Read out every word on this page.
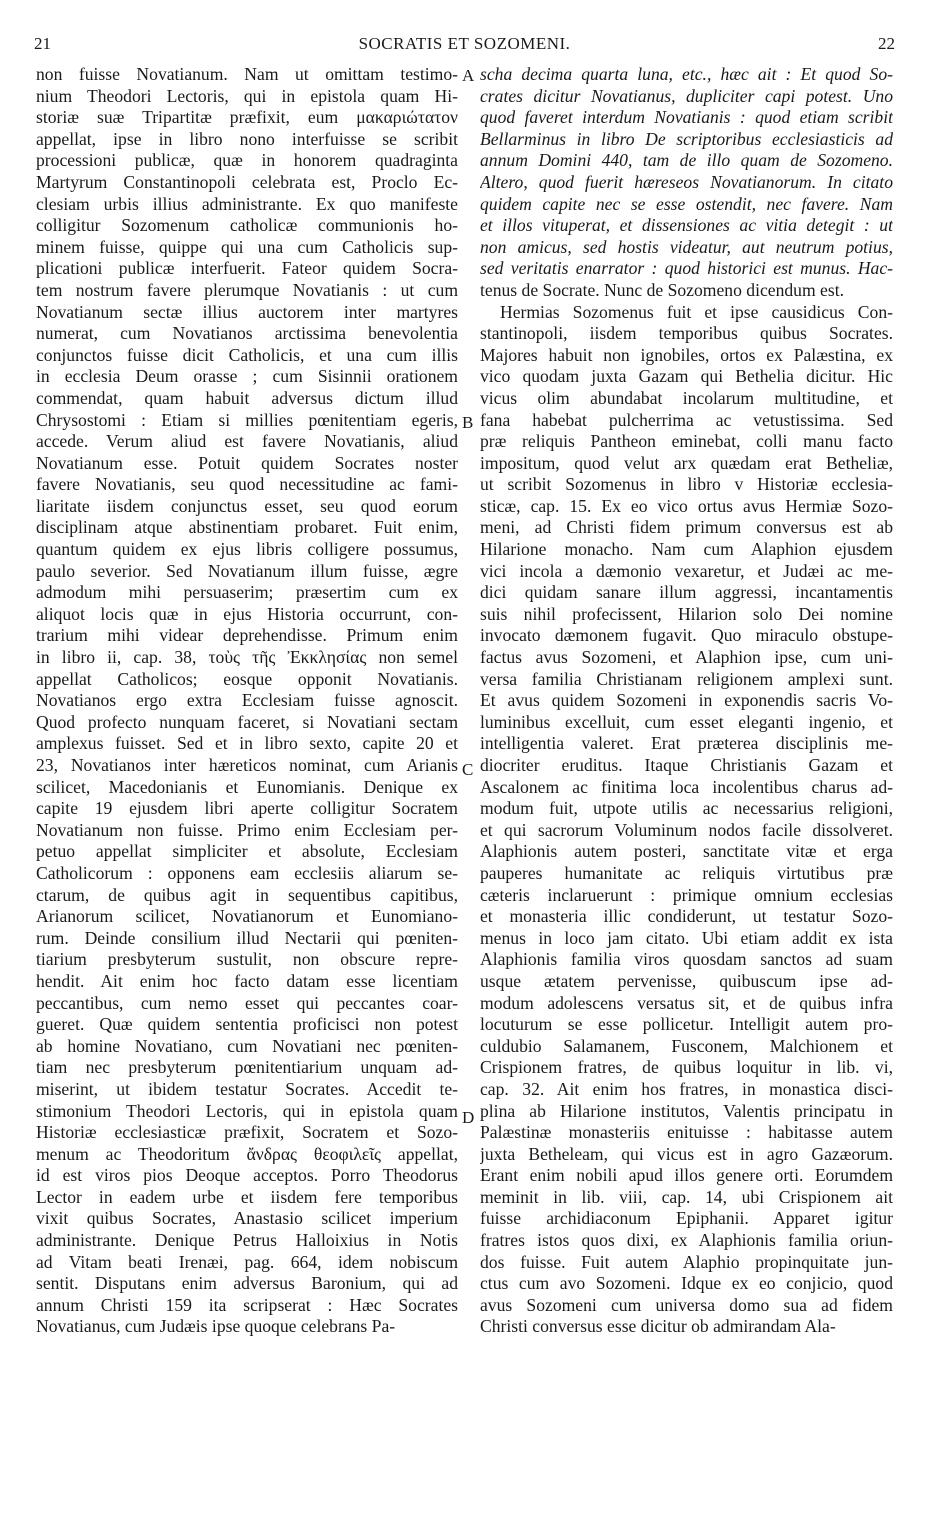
21	SOCRATIS ET SOZOMENI.	22
non fuisse Novatianum. Nam ut omittam testimo-
nium Theodori Lectoris, qui in epistola quam Hi-
storiæ suæ Tripartitæ præfixit, eum μακαριώτατον
appellat, ipse in libro nono interfuisse se scribit
processioni publicæ, quæ in honorem quadraginta
Martyrum Constantinopoli celebrata est, Proclo Ec-
clesiam urbis illius administrante. Ex quo manifeste
colligitur Sozomenum catholicæ communionis ho-
minem fuisse, quippe qui una cum Catholicis sup-
plicationi publicæ interfuerit. Fateor quidem Socra-
tem nostrum favere plerumque Novatianis : ut cum
Novatianum sectæ illius auctorem inter martyres
numerat, cum Novatianos arctissima benevolentia
conjunctos fuisse dicit Catholicis, et una cum illis
in ecclesia Deum orasse ; cum Sisinnii orationem
commendat, quam habuit adversus dictum illud
Chrysostomi : Etiam si millies pœnitentiam egeris,
accede. Verum aliud est favere Novatianis, aliud
Novatianum esse. Potuit quidem Socrates noster
favere Novatianis, seu quod necessitudine ac fami-
liaritate iisdem conjunctus esset, seu quod eorum
disciplinam atque abstinentiam probaret. Fuit enim,
quantum quidem ex ejus libris colligere possumus,
paulo severior. Sed Novatianum illum fuisse, ægre
admodum mihi persuaserim; præsertim cum ex
aliquot locis quæ in ejus Historia occurrunt, con-
trarium mihi videar deprehendisse. Primum enim
in libro ii, cap. 38, τοὺς τῆς Ἐκκλησίας non semel
appellat Catholicos; eosque opponit Novatianis.
Novatianos ergo extra Ecclesiam fuisse agnoscit.
Quod profecto nunquam faceret, si Novatiani sectam
amplexus fuisset. Sed et in libro sexto, capite 20 et
23, Novatianos inter hæreticos nominat, cum Arianis
scilicet, Macedonianis et Eunomianis. Denique ex
capite 19 ejusdem libri aperte colligitur Socratem
Novatianum non fuisse. Primo enim Ecclesiam per-
petuo appellat simpliciter et absolute, Ecclesiam
Catholicorum : opponens eam ecclesiis aliarum se-
ctarum, de quibus agit in sequentibus capitibus,
Arianorum scilicet, Novatianorum et Eunomiano-
rum. Deinde consilium illud Nectarii qui pœniten-
tiarium presbyterum sustulit, non obscure repre-
hendit. Ait enim hoc facto datam esse licentiam
peccantibus, cum nemo esset qui peccantes coar-
gueret. Quæ quidem sententia proficisci non potest
ab homine Novatiano, cum Novatiani nec pœniten-
tiam nec presbyterum pœnitentiarium unquam ad-
miserint, ut ibidem testatur Socrates. Accedit te-
stimonium Theodori Lectoris, qui in epistola quam
Historiæ ecclesiasticæ præfixit, Socratem et Sozo-
menum ac Theodoritum ἄνδρας θεοφιλεῖς appellat,
id est viros pios Deoque acceptos. Porro Theodorus
Lector in eadem urbe et iisdem fere temporibus
vixit quibus Socrates, Anastasio scilicet imperium
administrante. Denique Petrus Halloixius in Notis
ad Vitam beati Irenæi, pag. 664, idem nobiscum
sentit. Disputans enim adversus Baronium, qui ad
annum Christi 159 ita scripserat : Hæc Socrates
Novatianus, cum Judæis ipse quoque celebrans Pa-
scha decima quarta luna, etc., hæc ait : Et quod So-
crates dicitur Novatianus, dupliciter capi potest. Uno
quod faveret interdum Novatianis : quod etiam scribit
Bellarminus in libro De scriptoribus ecclesiasticis ad
annum Domini 440, tam de illo quam de Sozomeno.
Altero, quod fuerit hæreseos Novatianorum. In citato
quidem capite nec se esse ostendit, nec favere. Nam
et illos vituperat, et dissensiones ac vitia detegit : ut
non amicus, sed hostis videatur, aut neutrum potius,
sed veritatis enarrator : quod historici est munus. Hac-
tenus de Socrate. Nunc de Sozomeno dicendum est.
Hermias Sozomenus fuit et ipse causidicus Con-
stantinopoli, iisdem temporibus quibus Socrates.
Majores habuit non ignobiles, ortos ex Palæstina, ex
vico quodam juxta Gazam qui Bethelia dicitur. Hic
vicus olim abundabat incolarum multitudine, et
fana habebat pulcherrima ac vetustissima. Sed
præ reliquis Pantheon eminebat, colli manu facto
impositum, quod velut arx quædam erat Betheliæ,
ut scribit Sozomenus in libro v Historiæ ecclesia-
sticæ, cap. 15. Ex eo vico ortus avus Hermiæ Sozo-
meni, ad Christi fidem primum conversus est ab
Hilarione monacho. Nam cum Alaphion ejusdem
vici incola a dæmonio vexaretur, et Judæi ac me-
dici quidam sanare illum aggressi, incantamentis
suis nihil profecissent, Hilarion solo Dei nomine
invocato dæmonem fugavit. Quo miraculo obstupe-
factus avus Sozomeni, et Alaphion ipse, cum uni-
versa familia Christianam religionem amplexi sunt.
Et avus quidem Sozomeni in exponendis sacris Vo-
luminibus excelluit, cum esset eleganti ingenio, et
intelligentia valeret. Erat præterea disciplinis me-
diocriter eruditus. Itaque Christianis Gazam et
Ascalonem ac finitima loca incolentibus charus ad-
modum fuit, utpote utilis ac necessarius religioni,
et qui sacrorum Voluminum nodos facile dissolveret.
Alaphionis autem posteri, sanctitate vitæ et erga
pauperes humanitate ac reliquis virtutibus præ
cæteris inclaruerunt : primique omnium ecclesias
et monasteria illic condiderunt, ut testatur Sozo-
menus in loco jam citato. Ubi etiam addit ex ista
Alaphionis familia viros quosdam sanctos ad suam
usque ætatem pervenisse, quibuscum ipse ad-
modum adolescens versatus sit, et de quibus infra
locuturum se esse pollicetur. Intelligit autem pro-
culdubio Salamanem, Fusconem, Malchionem et
Crispionem fratres, de quibus loquitur in lib. vi,
cap. 32. Ait enim hos fratres, in monastica disci-
plina ab Hilarione institutos, Valentis principatu in
Palæstinæ monasteriis enituisse : habitasse autem
juxta Betheleam, qui vicus est in agro Gazæorum.
Erant enim nobili apud illos genere orti. Eorumdem
meminit in lib. viii, cap. 14, ubi Crispionem ait
fuisse archidiaconum Epiphanii. Apparet igitur
fratres istos quos dixi, ex Alaphionis familia oriun-
dos fuisse. Fuit autem Alaphio propinquitate jun-
ctus cum avo Sozomeni. Idque ex eo conjicio, quod
avus Sozomeni cum universa domo sua ad fidem
Christi conversus esse dicitur ob admirandam Ala-
A
B
C
D
